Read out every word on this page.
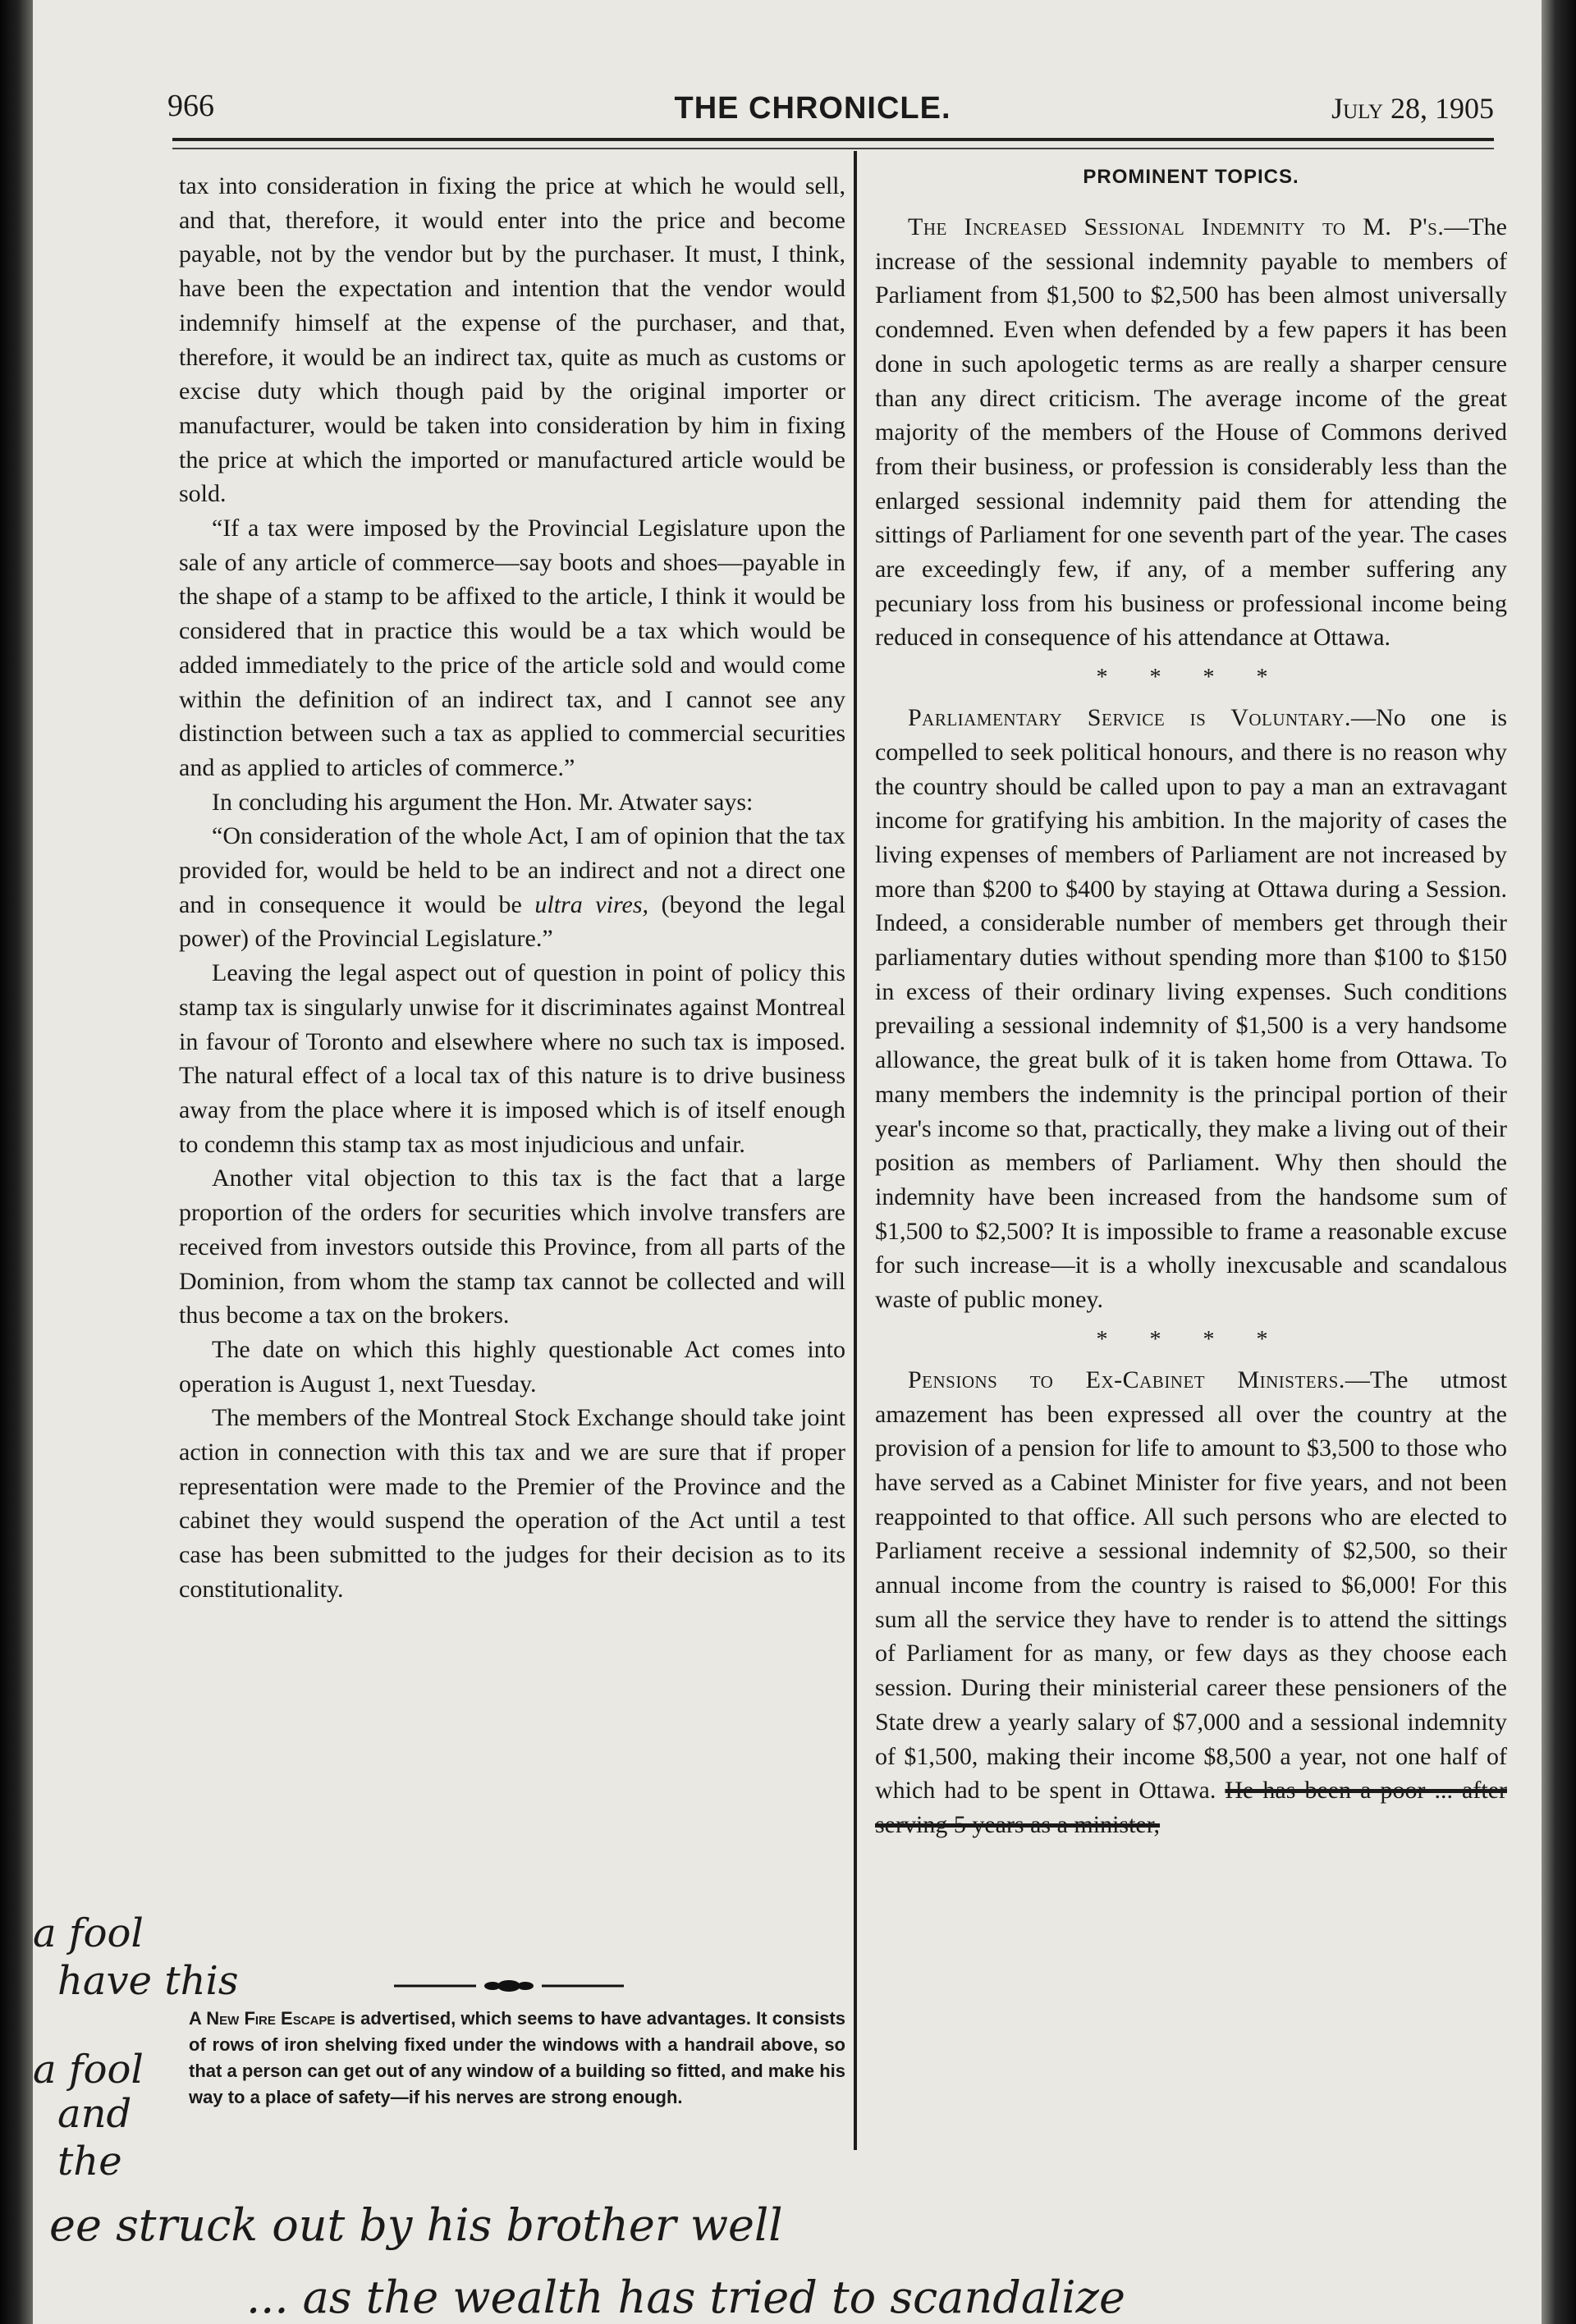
966	THE CHRONICLE.	July 28, 1905

tax into consideration in fixing the price at which he would sell, and that, therefore, it would enter into the price and become payable, not by the vendor but by the purchaser. It must, I think, have been the expectation and intention that the vendor would indemnify himself at the expense of the purchaser, and that, therefore, it would be an indirect tax, quite as much as customs or excise duty which though paid by the original importer or manufacturer, would be taken into consideration by him in fixing the price at which the imported or manufactured article would be sold.

“If a tax were imposed by the Provincial Legislature upon the sale of any article of commerce—say boots and shoes—payable in the shape of a stamp to be affixed to the article, I think it would be considered that in practice this would be a tax which would be added immediately to the price of the article sold and would come within the definition of an indirect tax, and I cannot see any distinction between such a tax as applied to commercial securities and as applied to articles of commerce.”

In concluding his argument the Hon. Mr. Atwater says:

“On consideration of the whole Act, I am of opinion that the tax provided for, would be held to be an indirect and not a direct one and in consequence it would be ultra vires, (beyond the legal power) of the Provincial Legislature.”

Leaving the legal aspect out of question in point of policy this stamp tax is singularly unwise for it discriminates against Montreal in favour of Toronto and elsewhere where no such tax is imposed. The natural effect of a local tax of this nature is to drive business away from the place where it is imposed which is of itself enough to condemn this stamp tax as most injudicious and unfair.

Another vital objection to this tax is the fact that a large proportion of the orders for securities which involve transfers are received from investors outside this Province, from all parts of the Dominion, from whom the stamp tax cannot be collected and will thus become a tax on the brokers.

The date on which this highly questionable Act comes into operation is August 1, next Tuesday.

The members of the Montreal Stock Exchange should take joint action in connection with this tax and we are sure that if proper representation were made to the Premier of the Province and the cabinet they would suspend the operation of the Act until a test case has been submitted to the judges for their decision as to its constitutionality.

A New Fire Escape is advertised, which seems to have advantages. It consists of rows of iron shelving fixed under the windows with a handrail above, so that a person can get out of any window of a building so fitted, and make his way to a place of safety—if his nerves are strong enough.

PROMINENT TOPICS.

The Increased Sessional Indemnity to M. P's.—The increase of the sessional indemnity payable to members of Parliament from $1,500 to $2,500 has been almost universally condemned. Even when defended by a few papers it has been done in such apologetic terms as are really a sharper censure than any direct criticism. The average income of the great majority of the members of the House of Commons derived from their business, or profession is considerably less than the enlarged sessional indemnity paid them for attending the sittings of Parliament for one seventh part of the year. The cases are exceedingly few, if any, of a member suffering any pecuniary loss from his business or professional income being reduced in consequence of his attendance at Ottawa.

* * * *

Parliamentary Service is Voluntary.—No one is compelled to seek political honours, and there is no reason why the country should be called upon to pay a man an extravagant income for gratifying his ambition. In the majority of cases the living expenses of members of Parliament are not increased by more than $200 to $400 by staying at Ottawa during a Session. Indeed, a considerable number of members get through their parliamentary duties without spending more than $100 to $150 in excess of their ordinary living expenses. Such conditions prevailing a sessional indemnity of $1,500 is a very handsome allowance, the great bulk of it is taken home from Ottawa. To many members the indemnity is the principal portion of their year's income so that, practically, they make a living out of their position as members of Parliament. Why then should the indemnity have been increased from the handsome sum of $1,500 to $2,500? It is impossible to frame a reasonable excuse for such increase—it is a wholly inexcusable and scandalous waste of public money.

* * * *

Pensions to Ex-Cabinet Ministers.—The utmost amazement has been expressed all over the country at the provision of a pension for life to amount to $3,500 to those who have served as a Cabinet Minister for five years, and not been reappointed to that office. All such persons who are elected to Parliament receive a sessional indemnity of $2,500, so their annual income from the country is raised to $6,000! For this sum all the service they have to render is to attend the sittings of Parliament for as many, or few days as they choose each session. During their ministerial career these pensioners of the State drew a yearly salary of $7,000 and a sessional indemnity of $1,500, making their income $8,500 a year, not one half of which had to be spent in Ottawa. He has been a poor ... after serving 5 years as a minister,

a fool
have this
a fool
and
the
ee struck out by his brother well
... as the wealth has tried to scandalize
